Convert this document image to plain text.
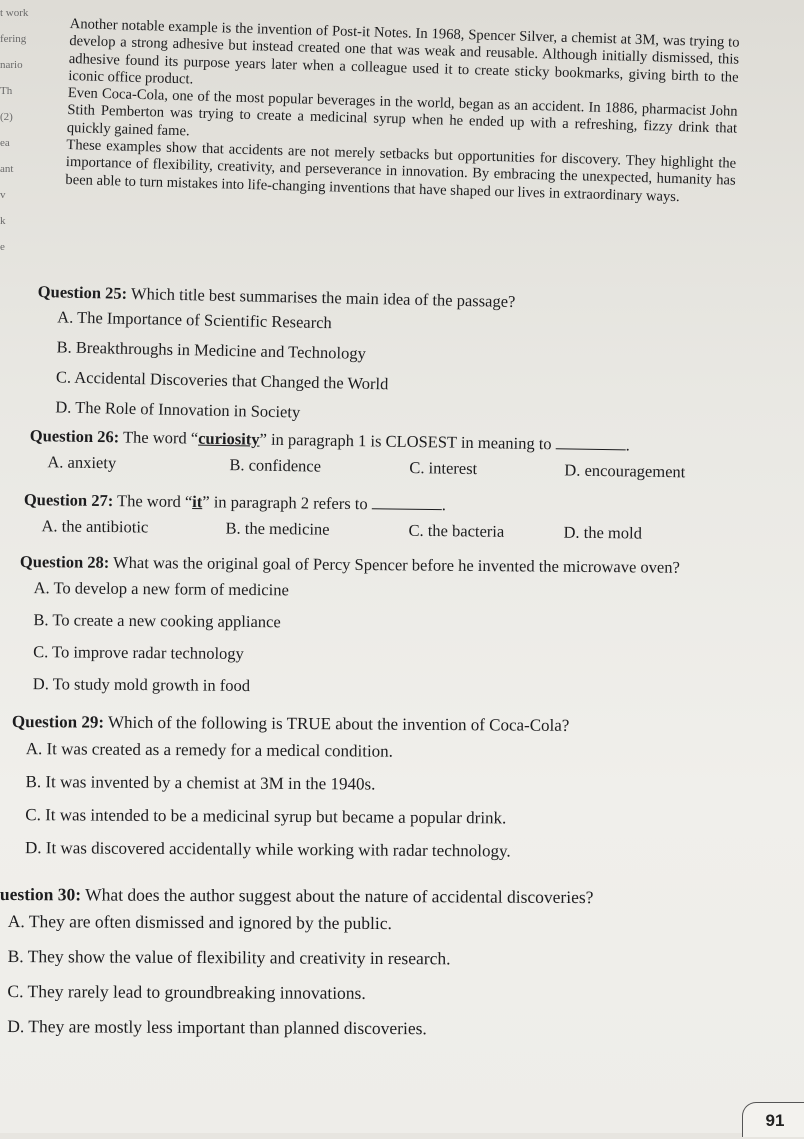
t work
fering
nario
Th
(2)
ea
ant
v
k
e

Another notable example is the invention of Post-it Notes. In 1968, Spencer Silver, a chemist at 3M, was trying to develop a strong adhesive but instead created one that was weak and reusable. Although initially dismissed, this adhesive found its purpose years later when a colleague used it to create sticky bookmarks, giving birth to the iconic office product.

Even Coca-Cola, one of the most popular beverages in the world, began as an accident. In 1886, pharmacist John Stith Pemberton was trying to create a medicinal syrup when he ended up with a refreshing, fizzy drink that quickly gained fame.

These examples show that accidents are not merely setbacks but opportunities for discovery. They highlight the importance of flexibility, creativity, and perseverance in innovation. By embracing the unexpected, humanity has been able to turn mistakes into life-changing inventions that have shaped our lives in extraordinary ways.

Question 25: Which title best summarises the main idea of the passage?
A. The Importance of Scientific Research
B. Breakthroughs in Medicine and Technology
C. Accidental Discoveries that Changed the World
D. The Role of Innovation in Society
Question 26: The word “curiosity” in paragraph 1 is CLOSEST in meaning to	.
A. anxiety	B. confidence	C. interest	D. encouragement
Question 27: The word “it” in paragraph 2 refers to	.
A. the antibiotic	B. the medicine	C. the bacteria	D. the mold
Question 28: What was the original goal of Percy Spencer before he invented the microwave oven?
A. To develop a new form of medicine
B. To create a new cooking appliance
C. To improve radar technology
D. To study mold growth in food
Question 29: Which of the following is TRUE about the invention of Coca-Cola?
A. It was created as a remedy for a medical condition.
B. It was invented by a chemist at 3M in the 1940s.
C. It was intended to be a medicinal syrup but became a popular drink.
D. It was discovered accidentally while working with radar technology.
uestion 30: What does the author suggest about the nature of accidental discoveries?
A. They are often dismissed and ignored by the public.
B. They show the value of flexibility and creativity in research.
C. They rarely lead to groundbreaking innovations.
D. They are mostly less important than planned discoveries.
91
